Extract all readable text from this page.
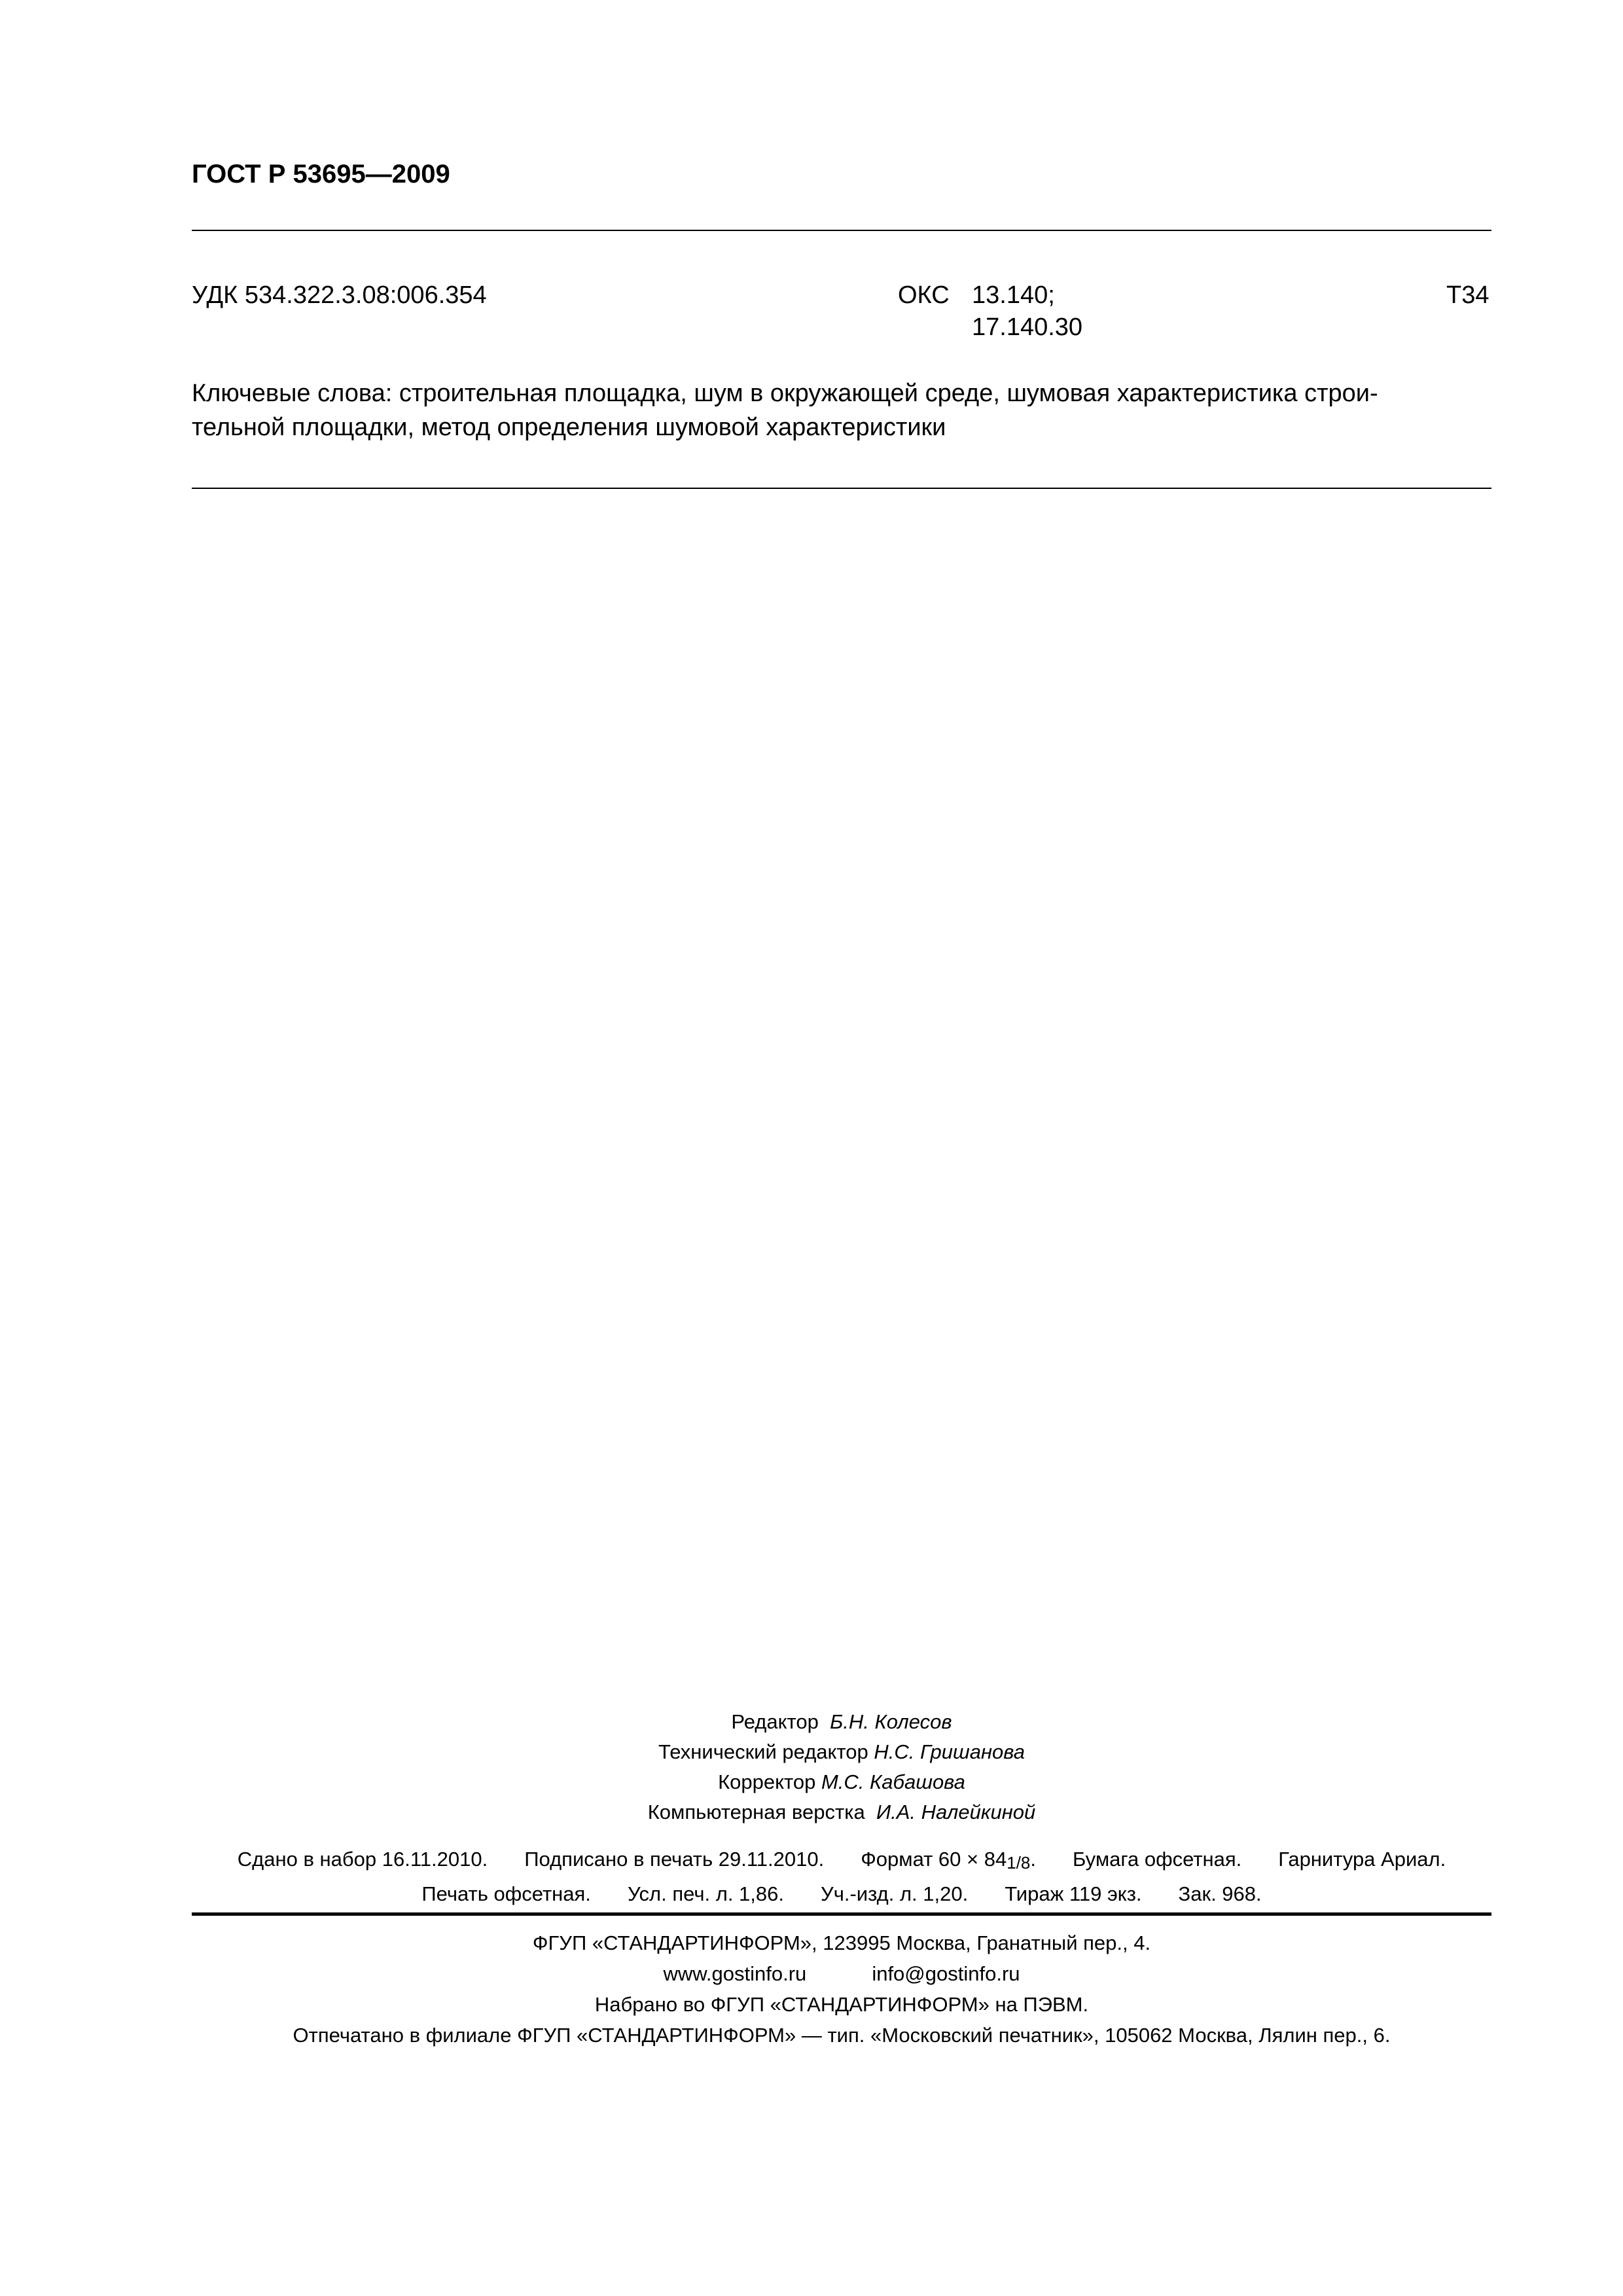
ГОСТ Р 53695—2009
УДК 534.322.3.08:006.354	ОКС 13.140;
17.140.30
Т34
Ключевые слова: строительная площадка, шум в окружающей среде, шумовая характеристика строи-
тельной площадки, метод определения шумовой характеристики
Редактор Б.Н. Колесов
Технический редактор Н.С. Гришанова
Корректор М.С. Кабашова
Компьютерная верстка И.А. Налейкиной
Сдано в набор 16.11.2010. Подписано в печать 29.11.2010. Формат 60 × 841/8. Бумага офсетная. Гарнитура Ариал.
Печать офсетная. Усл. печ. л. 1,86. Уч.-изд. л. 1,20. Тираж 119 экз. Зак. 968.
ФГУП «СТАНДАРТИНФОРМ», 123995 Москва, Гранатный пер., 4.
www.gostinfo.ru	info@gostinfo.ru
Набрано во ФГУП «СТАНДАРТИНФОРМ» на ПЭВМ.
Отпечатано в филиале ФГУП «СТАНДАРТИНФОРМ» — тип. «Московский печатник», 105062 Москва, Лялин пер., 6.
